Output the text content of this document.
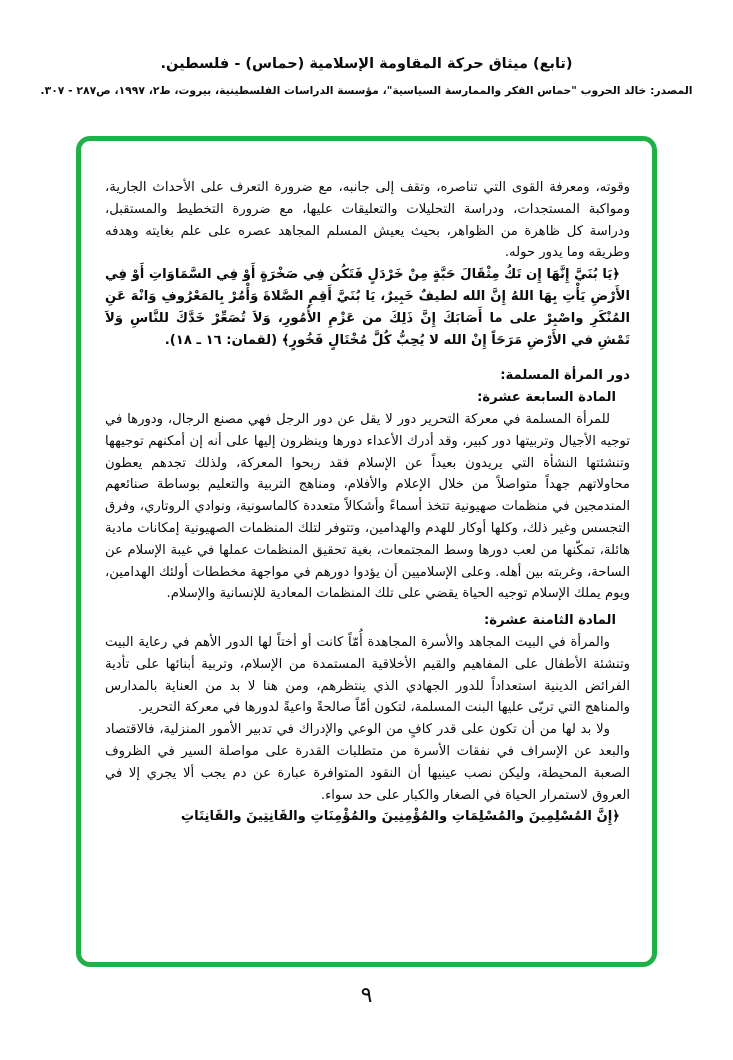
(تابع) ميثاق حركة المقاومة الإسلامية (حماس) - فلسطين.
المصدر: خالد الحروب "حماس الفكر والممارسة السياسية"، مؤسسة الدراسات الفلسطينية، بيروت، ط٢، ١٩٩٧، ص٢٨٧ - ٣٠٧.

وقوته، ومعرفة القوى التي تناصره، وتقف إلى جانبه، مع ضرورة التعرف على الأحداث الجارية، ومواكبة المستجدات، ودراسة التحليلات والتعليقات عليها، مع ضرورة التخطيط والمستقبل، ودراسة كل ظاهرة من الظواهر، بحيث يعيش المسلم المجاهد عصره على علم بغايته وهدفه وطريقه وما يدور حوله.

﴿يَا بُنَيَّ إِنَّهَا إِن تَكُ مِثْقَالَ حَبَّةٍ مِنْ خَرْدَلٍ فَتَكُن فِي صَخْرَةٍ أَوْ فِي السَّمَاوَاتِ أَوْ فِي الأَرْضِ يَأْتِ بِهَا اللهُ إِنَّ الله لطيفٌ خَبِيرٌ، يَا بُنَيَّ أَقِمِ الصَّلاةَ وَأْمُرْ بِالمَعْرُوفِ وَانْهَ عَنِ المُنْكَرِ واصْبِرْ على ما أَصَابَكَ إِنَّ ذَلِكَ من عَزْمِ الأُمُورِ، وَلاَ تُصَعِّرْ خَدَّكَ للنَّاسِ وَلاَ تَمْشِ في الأَرْضِ مَرَحَاً إِنْ الله لا يُحِبُّ كُلَّ مُخْتَالٍ فَخُورٍ﴾ (لقمان: ١٦ ـ ١٨).

دور المرأة المسلمة:

المادة السابعة عشرة:

للمرأة المسلمة في معركة التحرير دور لا يقل عن دور الرجل فهي مصنع الرجال، ودورها في توجيه الأجيال وتربيتها دور كبير، وقد أدرك الأعداء دورها وينظرون إليها على أنه إن أمكنهم توجيهها وتنشئتها النشأة التي يريدون بعيداً عن الإسلام فقد ربحوا المعركة، ولذلك تجدهم يعطون محاولاتهم جهداً متواصلاً من خلال الإعلام والأفلام، ومناهج التربية والتعليم بوساطة صنائعهم المندمجين في منظمات صهيونية تتخذ أسماءً وأشكالاً متعددة كالماسونية، ونوادي الروتاري، وفرق التجسس وغير ذلك، وكلها أوكار للهدم والهدامين، وتتوفر لتلك المنظمات الصهيونية إمكانات مادية هائلة، تمكّنها من لعب دورها وسط المجتمعات، بغية تحقيق المنظمات عملها في غيبة الإسلام عن الساحة، وغربته بين أهله. وعلى الإسلاميين أن يؤدوا دورهم في مواجهة مخططات أولئك الهدامين، ويوم يملك الإسلام توجيه الحياة يقضي على تلك المنظمات المعادية للإنسانية والإسلام.

المادة الثامنة عشرة:

والمرأة في البيت المجاهد والأسرة المجاهدة أُمّاً كانت أو أختاً لها الدور الأهم في رعاية البيت وتنشئة الأطفال على المفاهيم والقيم الأخلاقية المستمدة من الإسلام، وتربية أبنائها على تأدية الفرائض الدينية استعداداً للدور الجهادي الذي ينتظرهم، ومن هنا لا بد من العناية بالمدارس والمناهج التي تربّى عليها البنت المسلمة، لتكون أمّاً صالحةً واعيةً لدورها في معركة التحرير.

ولا بد لها من أن تكون على قدر كافٍ من الوعي والإدراك في تدبير الأمور المنزلية، فالاقتصاد والبعد عن الإسراف في نفقات الأسرة من متطلبات القدرة على مواصلة السير في الظروف الصعبة المحيطة، وليكن نصب عينيها أن النقود المتوافرة عبارة عن دم يجب ألا يجري إلا في العروق لاستمرار الحياة في الصغار والكبار على حد سواء.

﴿إِنَّ المُسْلِمِينَ والمُسْلِمَاتِ والمُؤْمِنِينَ والمُؤْمِنَاتِ والقَانِتِينَ والقَانِتَاتِ

٩
